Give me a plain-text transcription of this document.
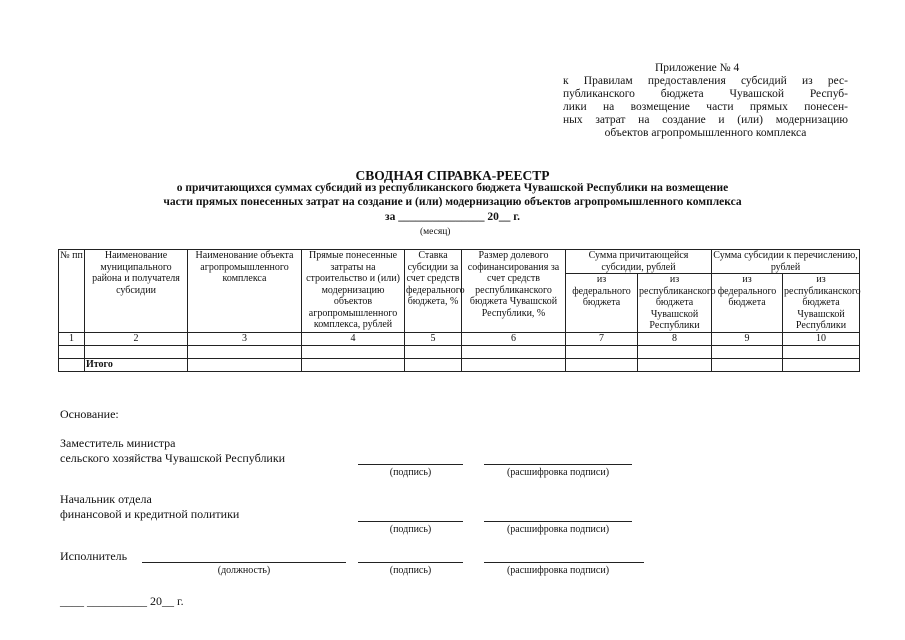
Приложение № 4
к Правилам предоставления субсидий из рес-
публиканского бюджета Чувашской Респуб-
лики на возмещение части прямых понесен-
ных затрат на создание и (или) модернизацию
объектов агропромышленного комплекса
СВОДНАЯ СПРАВКА-РЕЕСТР
о причитающихся суммах субсидий из республиканского бюджета Чувашской Республики на возмещение
части прямых понесенных затрат на создание и (или) модернизацию объектов агропромышленного комплекса
за _______________ 20__ г.
(месяц)
№ пп	Наименование муниципального района и получателя субсидии	Наименование объекта агропромышленного комплекса	Прямые понесенные затраты на строительство и (или) модернизацию объектов агропромышленного комплекса, рублей	Ставка субсидии за счет средств федерального бюджета, %	Размер долевого софинансирования за счет средств республиканского бюджета Чувашской Республики, %	Сумма причитающейся субсидии, рублей		Сумма субсидии к перечислению, рублей	
						из федерального бюджета	из республиканского бюджета Чувашской Республики	из федерального бюджета	из республиканского бюджета Чувашской Республики
1	2	3	4	5	6	7	8	9	10

	Итого								
Основание:
Заместитель министра
сельского хозяйства Чувашской Республики
(подпись)	(расшифровка подписи)
Начальник отдела
финансовой и кредитной политики
(подпись)	(расшифровка подписи)
Исполнитель
(должность)	(подпись)	(расшифровка подписи)
____ __________ 20__ г.
